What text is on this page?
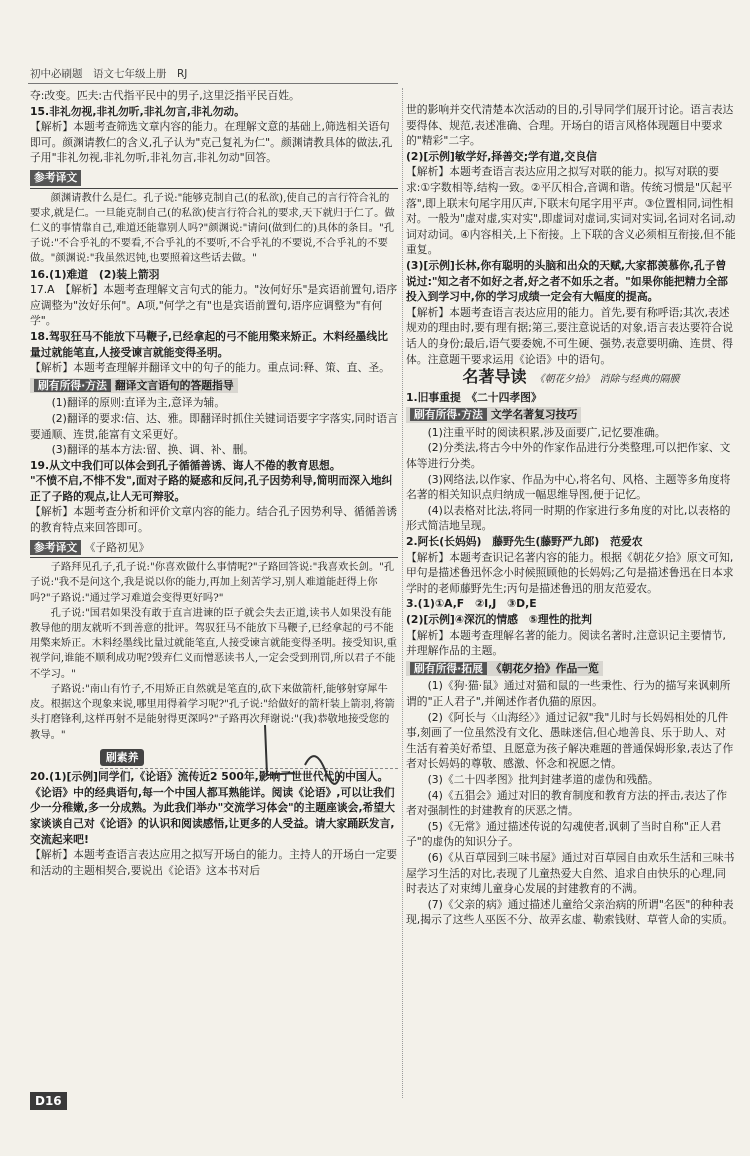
初中必刷题　语文七年级上册　RJ

夺:改变。匹夫:古代指平民中的男子,这里泛指平民百姓。

15.非礼勿视,非礼勿听,非礼勿言,非礼勿动。

【解析】本题考查筛选文章内容的能力。在理解文意的基础上,筛选相关语句即可。颜渊请教仁的含义,孔子认为"克己复礼为仁"。颜渊请教具体的做法,孔子用"非礼勿视,非礼勿听,非礼勿言,非礼勿动"回答。

参考译文

颜渊请教什么是仁。孔子说:"能够克制自己(的私欲),使自己的言行符合礼的要求,就是仁。一旦能克制自己(的私欲)使言行符合礼的要求,天下就归于仁了。做仁义的事情靠自己,难道还能靠别人吗?"颜渊说:"请问(做到仁的)具体的条目。"孔子说:"不合乎礼的不要看,不合乎礼的不要听,不合乎礼的不要说,不合乎礼的不要做。"颜渊说:"我虽然迟钝,也要照着这些话去做。"

16.(1)难道　(2)装上箭羽

17.A　【解析】本题考查理解文言句式的能力。"汝何好乐"是宾语前置句,语序应调整为"汝好乐何"。A项,"何学之有"也是宾语前置句,语序应调整为"有何学"。

18.驾驭狂马不能放下马鞭子,已经拿起的弓不能用檠来矫正。木料经墨线比量过就能笔直,人接受谏言就能变得圣明。

【解析】本题考查理解并翻译文中的句子的能力。重点词:释、策、直、圣。

刷有所得·方法 翻译文言语句的答题指导

(1)翻译的原则:直译为主,意译为辅。

(2)翻译的要求:信、达、雅。即翻译时抓住关键词语要字字落实,同时语言要通顺、连贯,能富有文采更好。

(3)翻译的基本方法:留、换、调、补、删。

19.从文中我们可以体会到孔子循循善诱、诲人不倦的教育思想。

"不愤不启,不悱不发",面对子路的疑惑和反问,孔子因势利导,简明而深入地纠正了子路的观点,让人无可辩驳。

【解析】本题考查分析和评价文章内容的能力。结合孔子因势利导、循循善诱的教育特点来回答即可。

参考译文 《子路初见》

子路拜见孔子,孔子说:"你喜欢做什么事情呢?"子路回答说:"我喜欢长剑。"孔子说:"我不是问这个,我是说以你的能力,再加上刻苦学习,别人难道能赶得上你吗?"子路说:"通过学习难道会变得更好吗?"

孔子说:"国君如果没有敢于直言进谏的臣子就会失去正道,读书人如果没有能教导他的朋友就听不到善意的批评。驾驭狂马不能放下马鞭子,已经拿起的弓不能用檠来矫正。木料经墨线比量过就能笔直,人接受谏言就能变得圣明。接受知识,重视学问,谁能不顺利成功呢?毁弃仁义而憎恶读书人,一定会受到刑罚,所以君子不能不学习。"

子路说:"南山有竹子,不用矫正自然就是笔直的,砍下来做箭杆,能够射穿犀牛皮。根据这个现象来说,哪里用得着学习呢?"孔子说:"给做好的箭杆装上箭羽,将箭头打磨锋利,这样再射不是能射得更深吗?"子路再次拜谢说:"(我)恭敬地接受您的教导。"

刷素养

20.(1)[示例]同学们,《论语》流传近2 500年,影响了世世代代的中国人。《论语》中的经典语句,每一个中国人都耳熟能详。阅读《论语》,可以让我们少一分稚嫩,多一分成熟。为此我们举办"交流学习体会"的主题座谈会,希望大家谈谈自己对《论语》的认识和阅读感悟,让更多的人受益。请大家踊跃发言,交流起来吧!

【解析】本题考查语言表达应用之拟写开场白的能力。主持人的开场白一定要和活动的主题相契合,要说出《论语》这本书对后

世的影响并交代清楚本次活动的目的,引导同学们展开讨论。语言表达要得体、规范,表述准确、合理。开场白的语言风格体现题目中要求的"精彩"二字。

(2)[示例]敏学好,择善交;学有道,交良信

【解析】本题考查语言表达应用之拟写对联的能力。拟写对联的要求:①字数相等,结构一致。②平仄相合,音调和谐。传统习惯是"仄起平落",即上联末句尾字用仄声,下联末句尾字用平声。③位置相同,词性相对。一般为"虚对虚,实对实",即虚词对虚词,实词对实词,名词对名词,动词对动词。④内容相关,上下衔接。上下联的含义必须相互衔接,但不能重复。

(3)[示例]长林,你有聪明的头脑和出众的天赋,大家都羡慕你,孔子曾说过:"知之者不如好之者,好之者不如乐之者。"如果你能把精力全部投入到学习中,你的学习成绩一定会有大幅度的提高。

【解析】本题考查语言表达应用的能力。首先,要有称呼语;其次,表述规劝的理由时,要有理有据;第三,要注意说话的对象,语言表达要符合说话人的身份;最后,语气要委婉,不可生硬、强势,表意要明确、连贯、得体。注意题干要求运用《论语》中的语句。

名著导读 《朝花夕拾》　消除与经典的隔膜

1.旧事重提　《二十四孝图》

刷有所得·方法 文学名著复习技巧

(1)注重平时的阅读积累,涉及面要广,记忆要准确。

(2)分类法,将古今中外的作家作品进行分类整理,可以把作家、文体等进行分类。

(3)网络法,以作家、作品为中心,将名句、风格、主题等多角度将名著的相关知识点归纳成一幅思维导图,便于记忆。

(4)以表格对比法,将同一时期的作家进行多角度的对比,以表格的形式简洁地呈现。

2.阿长(长妈妈)　藤野先生(藤野严九郎)　范爱农

【解析】本题考查识记名著内容的能力。根据《朝花夕拾》原文可知,甲句是描述鲁迅怀念小时候照顾他的长妈妈;乙句是描述鲁迅在日本求学时的老师藤野先生;丙句是描述鲁迅的朋友范爱农。

3.(1)①A,F　②I,J　③D,E

(2)[示例]④深沉的情感　⑤理性的批判

【解析】本题考查理解名著的能力。阅读名著时,注意识记主要情节,并理解作品的主题。

刷有所得·拓展 《朝花夕拾》作品一览

(1)《狗·猫·鼠》通过对猫和鼠的一些秉性、行为的描写来讽刺所谓的"正人君子",并阐述作者仇猫的原因。

(2)《阿长与〈山海经〉》通过记叙"我"儿时与长妈妈相处的几件事,刻画了一位虽然没有文化、愚昧迷信,但心地善良、乐于助人、对生活有着美好希望、且愿意为孩子解决难题的普通保姆形象,表达了作者对长妈妈的尊敬、感激、怀念和祝愿之情。

(3)《二十四孝图》批判封建孝道的虚伪和残酷。

(4)《五猖会》通过对旧的教育制度和教育方法的抨击,表达了作者对强制性的封建教育的厌恶之情。

(5)《无常》通过描述传说的勾魂使者,讽刺了当时自称"正人君子"的虚伪的知识分子。

(6)《从百草园到三味书屋》通过对百草园自由欢乐生活和三味书屋学习生活的对比,表现了儿童热爱大自然、追求自由快乐的心理,同时表达了对束缚儿童身心发展的封建教育的不满。

(7)《父亲的病》通过描述儿童给父亲治病的所谓"名医"的种种表现,揭示了这些人巫医不分、故弄玄虚、勒索钱财、草菅人命的实质。

D16
